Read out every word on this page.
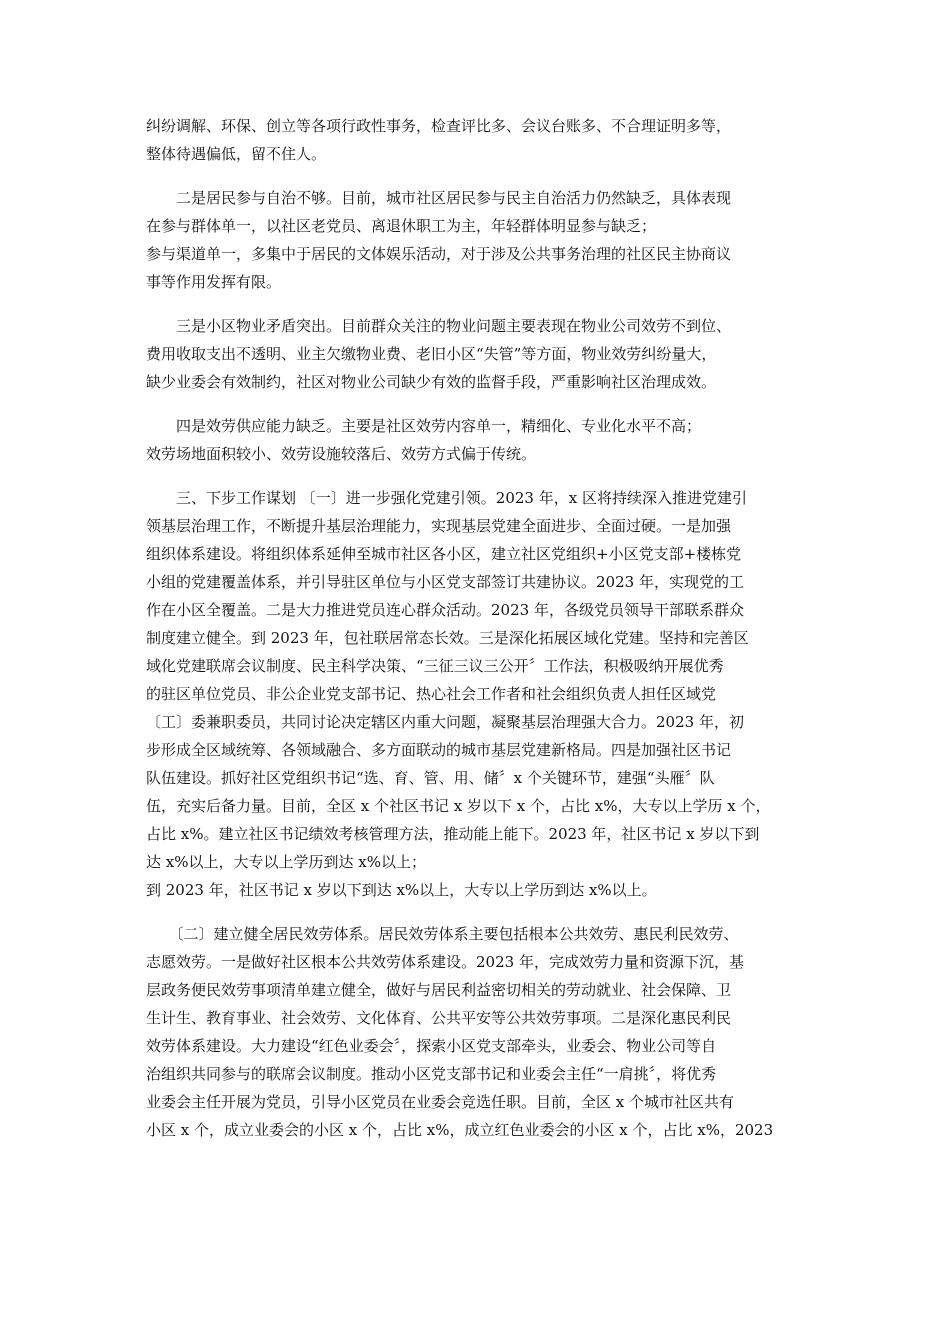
纠纷调解、环保、创立等各项行政性事务，检查评比多、会议台账多、不合理证明多等，
整体待遇偏低，留不住人。
　　二是居民参与自治不够。目前，城市社区居民参与民主自治活力仍然缺乏，具体表现
在参与群体单一，以社区老党员、离退休职工为主，年轻群体明显参与缺乏；
参与渠道单一，多集中于居民的文体娱乐活动，对于涉及公共事务治理的社区民主协商议
事等作用发挥有限。
　　三是小区物业矛盾突出。目前群众关注的物业问题主要表现在物业公司效劳不到位、
费用收取支出不透明、业主欠缴物业费、老旧小区“失管”等方面，物业效劳纠纷量大，
缺少业委会有效制约，社区对物业公司缺少有效的监督手段，严重影响社区治理成效。
　　四是效劳供应能力缺乏。主要是社区效劳内容单一，精细化、专业化水平不高；
效劳场地面积较小、效劳设施较落后、效劳方式偏于传统。
　　三、下步工作谋划 〔一〕进一步强化党建引领。2023 年，x 区将持续深入推进党建引
领基层治理工作，不断提升基层治理能力，实现基层党建全面进步、全面过硬。一是加强
组织体系建设。将组织体系延伸至城市社区各小区，建立社区党组织+小区党支部+楼栋党
小组的党建覆盖体系，并引导驻区单位与小区党支部签订共建协议。2023 年，实现党的工
作在小区全覆盖。二是大力推进党员连心群众活动。2023 年，各级党员领导干部联系群众
制度建立健全。到 2023 年，包社联居常态长效。三是深化拓展区域化党建。坚持和完善区
域化党建联席会议制度、民主科学决策、“三征三议三公开〞工作法，积极吸纳开展优秀
的驻区单位党员、非公企业党支部书记、热心社会工作者和社会组织负责人担任区域党
〔工〕委兼职委员，共同讨论决定辖区内重大问题，凝聚基层治理强大合力。2023 年，初
步形成全区域统筹、各领域融合、多方面联动的城市基层党建新格局。四是加强社区书记
队伍建设。抓好社区党组织书记“选、育、管、用、储〞x 个关键环节，建强“头雁〞队
伍，充实后备力量。目前，全区 x 个社区书记 x 岁以下 x 个，占比 x%，大专以上学历 x 个，
占比 x%。建立社区书记绩效考核管理方法，推动能上能下。2023 年，社区书记 x 岁以下到
达 x%以上，大专以上学历到达 x%以上；
到 2023 年，社区书记 x 岁以下到达 x%以上，大专以上学历到达 x%以上。
　　〔二〕建立健全居民效劳体系。居民效劳体系主要包括根本公共效劳、惠民利民效劳、
志愿效劳。一是做好社区根本公共效劳体系建设。2023 年，完成效劳力量和资源下沉，基
层政务便民效劳事项清单建立健全，做好与居民利益密切相关的劳动就业、社会保障、卫
生计生、教育事业、社会效劳、文化体育、公共平安等公共效劳事项。二是深化惠民利民
效劳体系建设。大力建设“红色业委会〞，探索小区党支部牵头，业委会、物业公司等自
治组织共同参与的联席会议制度。推动小区党支部书记和业委会主任“一肩挑〞，将优秀
业委会主任开展为党员，引导小区党员在业委会竞选任职。目前，全区 x 个城市社区共有
小区 x 个，成立业委会的小区 x 个，占比 x%，成立红色业委会的小区 x 个，占比 x%，2023
